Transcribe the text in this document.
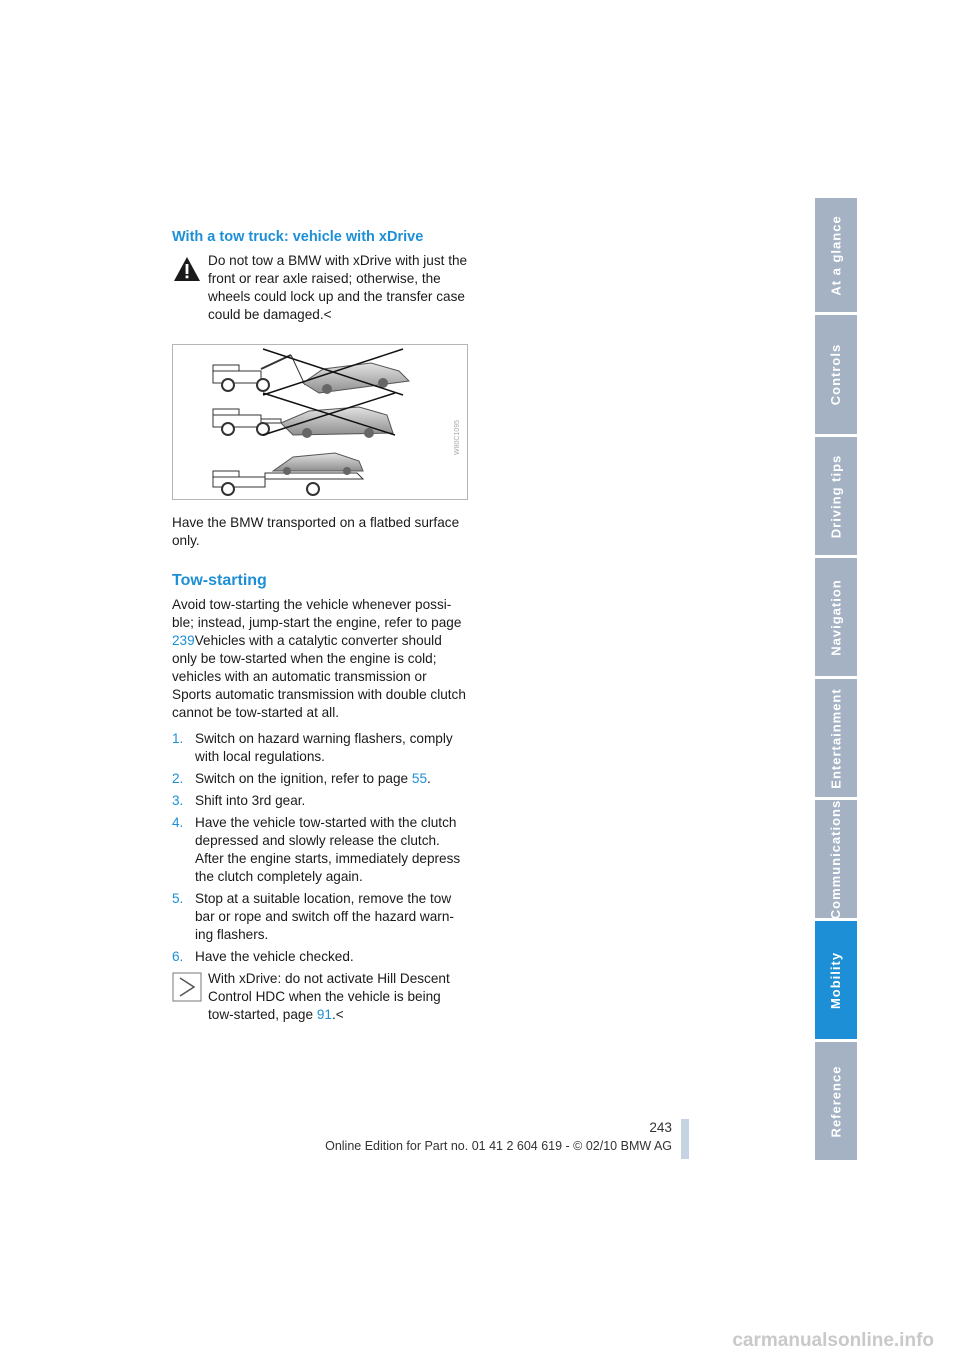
With a tow truck: vehicle with xDrive

Do not tow a BMW with xDrive with just the front or rear axle raised; otherwise, the wheels could lock up and the transfer case could be damaged.<

W80C1095

Have the BMW transported on a flatbed surface only.

Tow-starting

Avoid tow-starting the vehicle whenever possi-ble; instead, jump-start the engine, refer to page 239Vehicles with a catalytic converter should only be tow-started when the engine is cold; vehicles with an automatic transmission or Sports automatic transmission with double clutch cannot be tow-started at all.

1. Switch on hazard warning flashers, comply with local regulations.
2. Switch on the ignition, refer to page 55.
3. Shift into 3rd gear.
4. Have the vehicle tow-started with the clutch depressed and slowly release the clutch. After the engine starts, immediately depress the clutch completely again.
5. Stop at a suitable location, remove the tow bar or rope and switch off the hazard warn-ing flashers.
6. Have the vehicle checked.

With xDrive: do not activate Hill Descent Control HDC when the vehicle is being tow-started, page 91.<

At a glance
Controls
Driving tips
Navigation
Entertainment
Communications
Mobility
Reference
243
Online Edition for Part no. 01 41 2 604 619 - © 02/10 BMW AG
carmanualsonline.info
